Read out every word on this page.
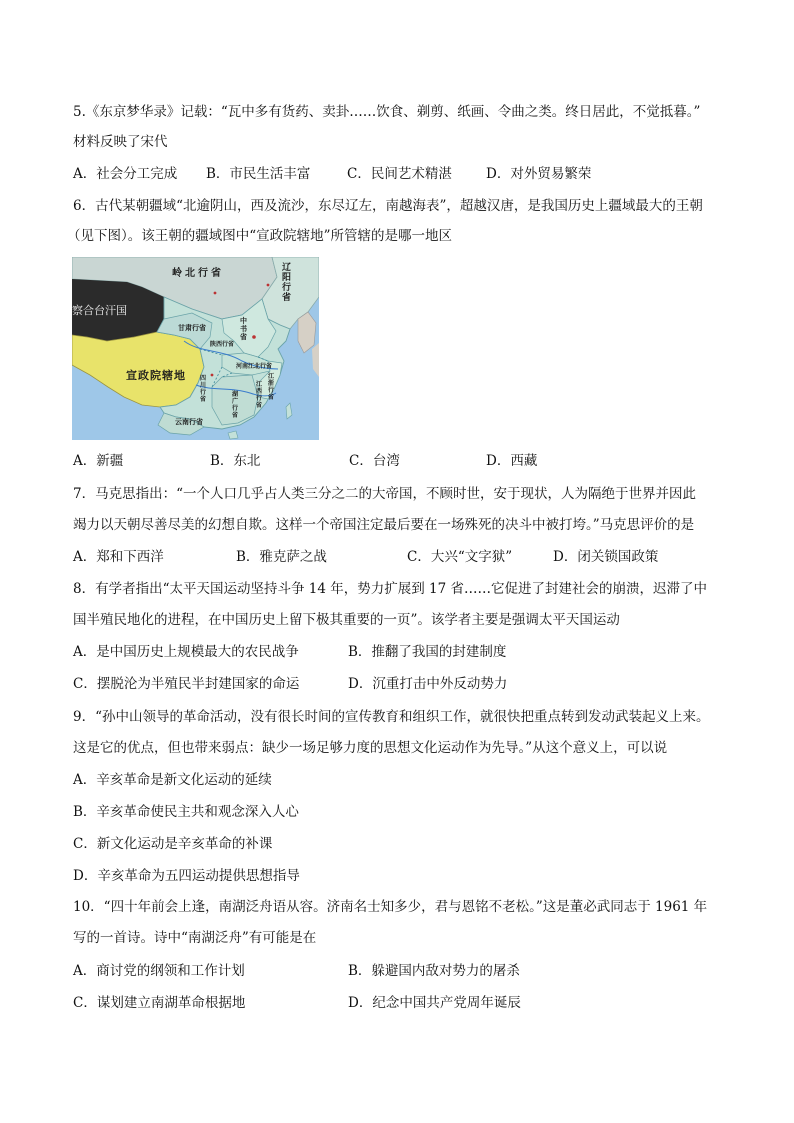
5.《东京梦华录》记载：“瓦中多有货药、卖卦……饮食、剃剪、纸画、令曲之类。终日居此，不觉抵暮。”
材料反映了宋代
A．社会分工完成 B．市民生活丰富	C．民间艺术精湛	D．对外贸易繁荣
6．古代某朝疆域“北逾阴山，西及流沙，东尽辽左，南越海表”，超越汉唐，是我国历史上疆域最大的王朝
（见下图）。该王朝的疆域图中“宣政院辖地”所管辖的是哪一地区
岭北行省	辽阳行省
察合台汗国
甘肃行省
中书省
陕西行省
河南江北行省
四川行省
宣政院辖地	江浙行省
江西行省
湖广行省
云南行省
A．新疆	B．东北	C．台湾	D．西藏
7．马克思指出：“一个人口几乎占人类三分之二的大帝国，不顾时世，安于现状，人为隔绝于世界并因此
竭力以天朝尽善尽美的幻想自欺。这样一个帝国注定最后要在一场殊死的决斗中被打垮。”马克思评价的是
A．郑和下西洋	B．雅克萨之战	C．大兴“文字狱”	D．闭关锁国政策
8．有学者指出“太平天国运动坚持斗争 14 年，势力扩展到 17 省……它促进了封建社会的崩溃，迟滞了中
国半殖民地化的进程，在中国历史上留下极其重要的一页”。该学者主要是强调太平天国运动
A．是中国历史上规模最大的农民战争	B．推翻了我国的封建制度
C．摆脱沦为半殖民半封建国家的命运	D．沉重打击中外反动势力
9．“孙中山领导的革命活动，没有很长时间的宣传教育和组织工作，就很快把重点转到发动武装起义上来。
这是它的优点，但也带来弱点：缺少一场足够力度的思想文化运动作为先导。”从这个意义上，可以说
A．辛亥革命是新文化运动的延续
B．辛亥革命使民主共和观念深入人心
C．新文化运动是辛亥革命的补课
D．辛亥革命为五四运动提供思想指导
10．“四十年前会上逢，南湖泛舟语从容。济南名士知多少，君与恩铭不老松。”这是董必武同志于 1961 年
写的一首诗。诗中“南湖泛舟”有可能是在
A．商讨党的纲领和工作计划	B．躲避国内敌对势力的屠杀
C．谋划建立南湖革命根据地	D．纪念中国共产党周年诞辰
